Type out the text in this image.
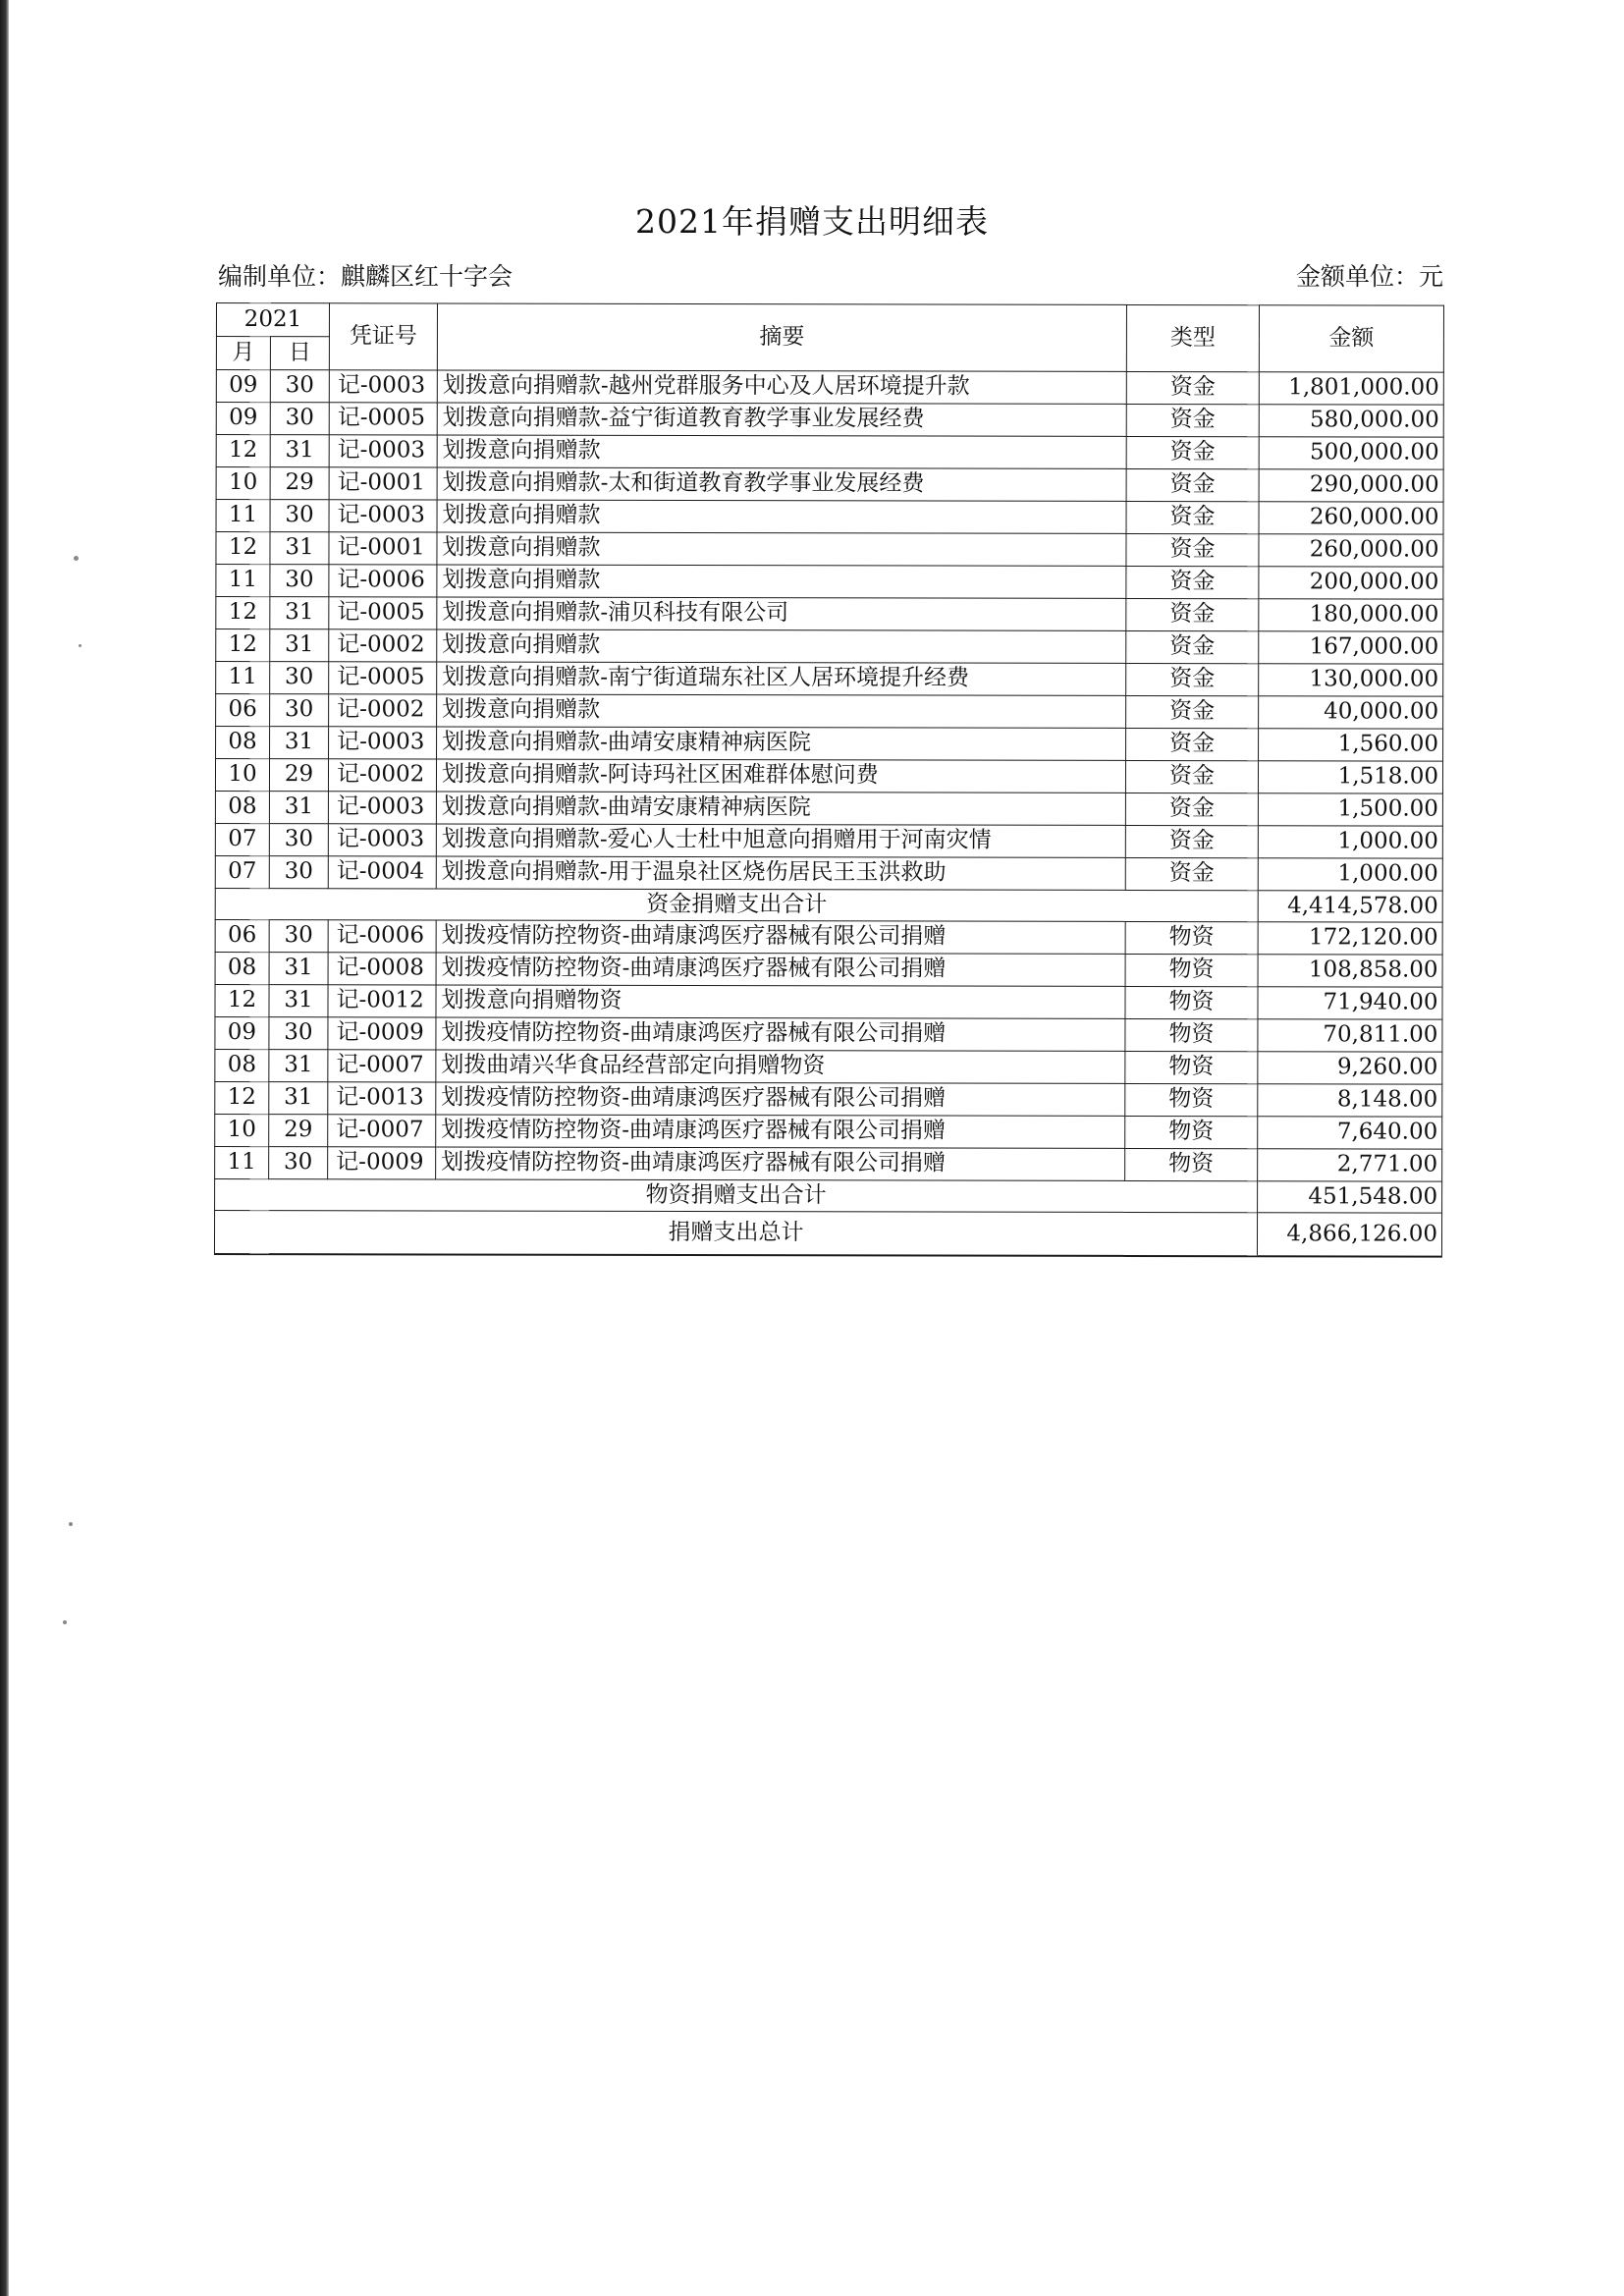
2021年捐赠支出明细表
编制单位：麒麟区红十字会	金额单位：元
2021		凭证号	摘要	类型	金额
月	日				
09	30	记-0003	划拨意向捐赠款-越州党群服务中心及人居环境提升款	资金	1,801,000.00
09	30	记-0005	划拨意向捐赠款-益宁街道教育教学事业发展经费	资金	580,000.00
12	31	记-0003	划拨意向捐赠款	资金	500,000.00
10	29	记-0001	划拨意向捐赠款-太和街道教育教学事业发展经费	资金	290,000.00
11	30	记-0003	划拨意向捐赠款	资金	260,000.00
12	31	记-0001	划拨意向捐赠款	资金	260,000.00
11	30	记-0006	划拨意向捐赠款	资金	200,000.00
12	31	记-0005	划拨意向捐赠款-浦贝科技有限公司	资金	180,000.00
12	31	记-0002	划拨意向捐赠款	资金	167,000.00
11	30	记-0005	划拨意向捐赠款-南宁街道瑞东社区人居环境提升经费	资金	130,000.00
06	30	记-0002	划拨意向捐赠款	资金	40,000.00
08	31	记-0003	划拨意向捐赠款-曲靖安康精神病医院	资金	1,560.00
10	29	记-0002	划拨意向捐赠款-阿诗玛社区困难群体慰问费	资金	1,518.00
08	31	记-0003	划拨意向捐赠款-曲靖安康精神病医院	资金	1,500.00
07	30	记-0003	划拨意向捐赠款-爱心人士杜中旭意向捐赠用于河南灾情	资金	1,000.00
07	30	记-0004	划拨意向捐赠款-用于温泉社区烧伤居民王玉洪救助	资金	1,000.00
资金捐赠支出合计					4,414,578.00
06	30	记-0006	划拨疫情防控物资-曲靖康鸿医疗器械有限公司捐赠	物资	172,120.00
08	31	记-0008	划拨疫情防控物资-曲靖康鸿医疗器械有限公司捐赠	物资	108,858.00
12	31	记-0012	划拨意向捐赠物资	物资	71,940.00
09	30	记-0009	划拨疫情防控物资-曲靖康鸿医疗器械有限公司捐赠	物资	70,811.00
08	31	记-0007	划拨曲靖兴华食品经营部定向捐赠物资	物资	9,260.00
12	31	记-0013	划拨疫情防控物资-曲靖康鸿医疗器械有限公司捐赠	物资	8,148.00
10	29	记-0007	划拨疫情防控物资-曲靖康鸿医疗器械有限公司捐赠	物资	7,640.00
11	30	记-0009	划拨疫情防控物资-曲靖康鸿医疗器械有限公司捐赠	物资	2,771.00
物资捐赠支出合计					451,548.00
捐赠支出总计					4,866,126.00
